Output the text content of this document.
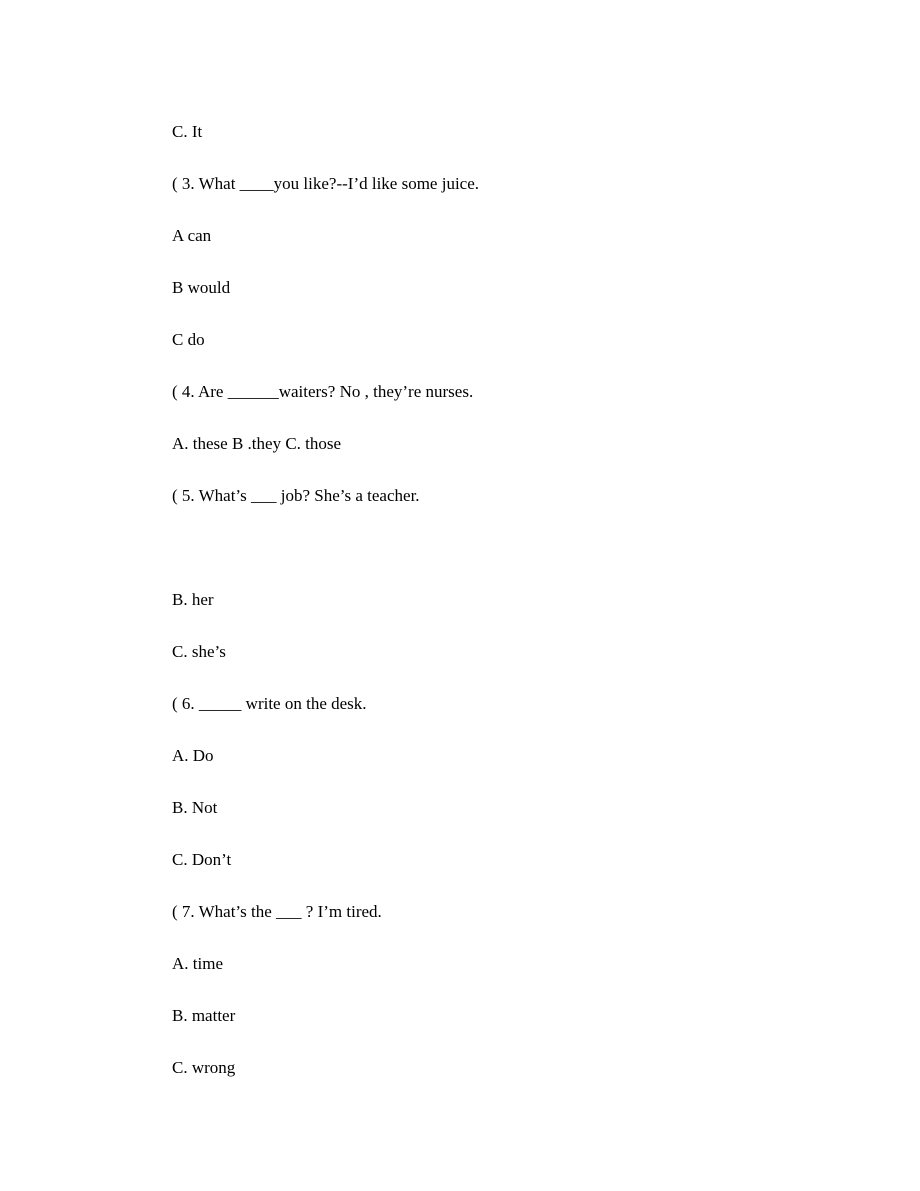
C. It
( 3. What ____you like?--I’d like some juice.
A can
B would
C do
( 4. Are ______waiters? No , they’re nurses.
A. these B .they C. those
( 5. What’s ___ job? She’s a teacher.
B. her
C. she’s
( 6. _____ write on the desk.
A. Do
B. Not
C. Don’t
( 7. What’s the ___ ? I’m tired.
A. time
B. matter
C. wrong
